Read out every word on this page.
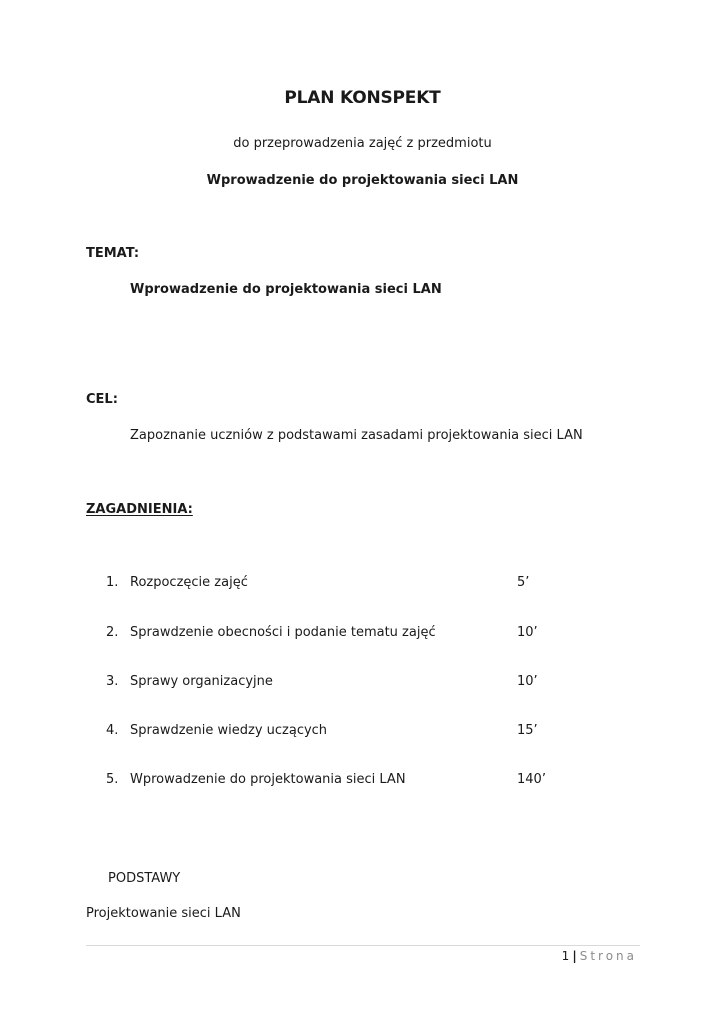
PLAN KONSPEKT
do przeprowadzenia zajęć z przedmiotu
Wprowadzenie do projektowania sieci LAN
TEMAT:
Wprowadzenie do projektowania sieci LAN
CEL:
Zapoznanie uczniów z podstawami zasadami projektowania sieci LAN
ZAGADNIENIA:
1. Rozpoczęcie zajęć	5’
2. Sprawdzenie obecności i podanie tematu zajęć	10’
3. Sprawy organizacyjne	10’
4. Sprawdzenie wiedzy uczących	15’
5. Wprowadzenie do projektowania sieci LAN	140’
PODSTAWY
Projektowanie sieci LAN
1 | Strona
